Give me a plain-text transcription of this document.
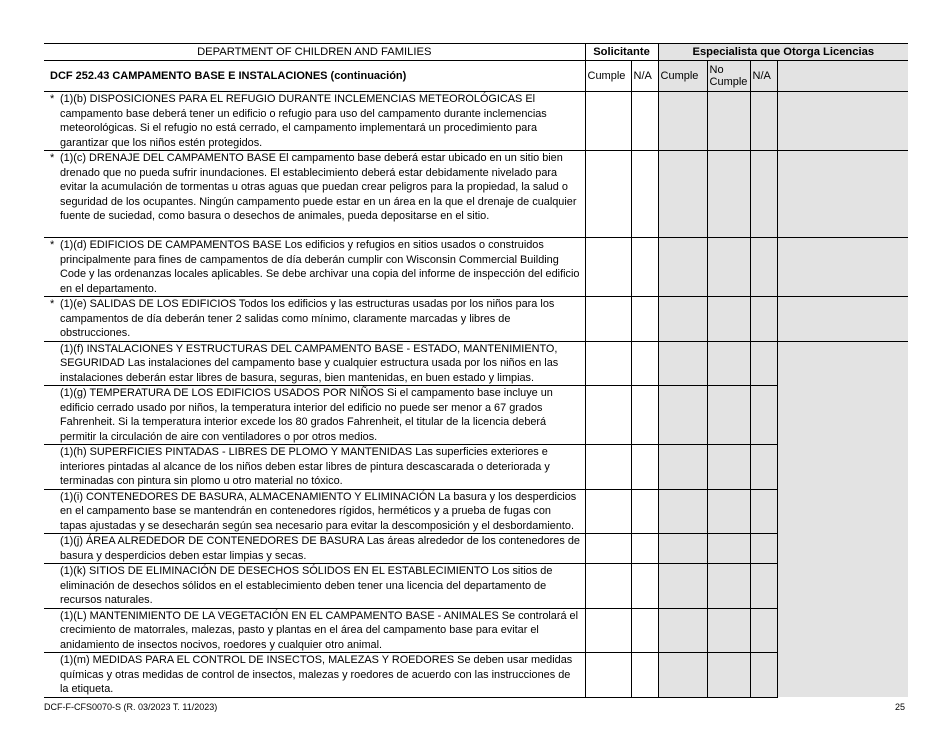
DEPARTMENT OF CHILDREN AND FAMILIES	Solicitante		Especialista que Otorga Licencias			
DCF 252.43 CAMPAMENTO BASE E INSTALACIONES (continuación)	Cumple	N/A	Cumple	No Cumple	N/A	

* (1)(b) DISPOSICIONES PARA EL REFUGIO DURANTE INCLEMENCIAS METEOROLÓGICAS El campamento base deberá tener un edificio o refugio para uso del campamento durante inclemencias meteorológicas. Si el refugio no está cerrado, el campamento implementará un procedimiento para garantizar que los niños estén protegidos.						

* (1)(c) DRENAJE DEL CAMPAMENTO BASE El campamento base deberá estar ubicado en un sitio bien drenado que no pueda sufrir inundaciones. El establecimiento deberá estar debidamente nivelado para evitar la acumulación de tormentas u otras aguas que puedan crear peligros para la propiedad, la salud o seguridad de los ocupantes. Ningún campamento puede estar en un área en la que el drenaje de cualquier fuente de suciedad, como basura o desechos de animales, pueda depositarse en el sitio.						

* (1)(d) EDIFICIOS DE CAMPAMENTOS BASE Los edificios y refugios en sitios usados o construidos principalmente para fines de campamentos de día deberán cumplir con Wisconsin Commercial Building Code y las ordenanzas locales aplicables. Se debe archivar una copia del informe de inspección del edificio en el departamento.						

* (1)(e) SALIDAS DE LOS EDIFICIOS Todos los edificios y las estructuras usadas por los niños para los campamentos de día deberán tener 2 salidas como mínimo, claramente marcadas y libres de obstrucciones.						
(1)(f) INSTALACIONES Y ESTRUCTURAS DEL CAMPAMENTO BASE - ESTADO, MANTENIMIENTO, SEGURIDAD Las instalaciones del campamento base y cualquier estructura usada por los niños en las instalaciones deberán estar libres de basura, seguras, bien mantenidas, en buen estado y limpias.						
(1)(g) TEMPERATURA DE LOS EDIFICIOS USADOS POR NIÑOS Si el campamento base incluye un edificio cerrado usado por niños, la temperatura interior del edificio no puede ser menor a 67 grados Fahrenheit. Si la temperatura interior excede los 80 grados Fahrenheit, el titular de la licencia deberá permitir la circulación de aire con ventiladores o por otros medios.						
(1)(h) SUPERFICIES PINTADAS - LIBRES DE PLOMO Y MANTENIDAS Las superficies exteriores e interiores pintadas al alcance de los niños deben estar libres de pintura descascarada o deteriorada y terminadas con pintura sin plomo u otro material no tóxico.						
(1)(i) CONTENEDORES DE BASURA, ALMACENAMIENTO Y ELIMINACIÓN La basura y los desperdicios en el campamento base se mantendrán en contenedores rígidos, herméticos y a prueba de fugas con tapas ajustadas y se desecharán según sea necesario para evitar la descomposición y el desbordamiento.						
(1)(j) ÁREA ALREDEDOR DE CONTENEDORES DE BASURA Las áreas alrededor de los contenedores de basura y desperdicios deben estar limpias y secas.						
(1)(k) SITIOS DE ELIMINACIÓN DE DESECHOS SÓLIDOS EN EL ESTABLECIMIENTO Los sitios de eliminación de desechos sólidos en el establecimiento deben tener una licencia del departamento de recursos naturales.						
(1)(L) MANTENIMIENTO DE LA VEGETACIÓN EN EL CAMPAMENTO BASE - ANIMALES Se controlará el crecimiento de matorrales, malezas, pasto y plantas en el área del campamento base para evitar el anidamiento de insectos nocivos, roedores y cualquier otro animal.						
(1)(m) MEDIDAS PARA EL CONTROL DE INSECTOS, MALEZAS Y ROEDORES Se deben usar medidas químicas y otras medidas de control de insectos, malezas y roedores de acuerdo con las instrucciones de la etiqueta.						
DCF-F-CFS0070-S (R. 03/2023 T. 11/2023)	25
